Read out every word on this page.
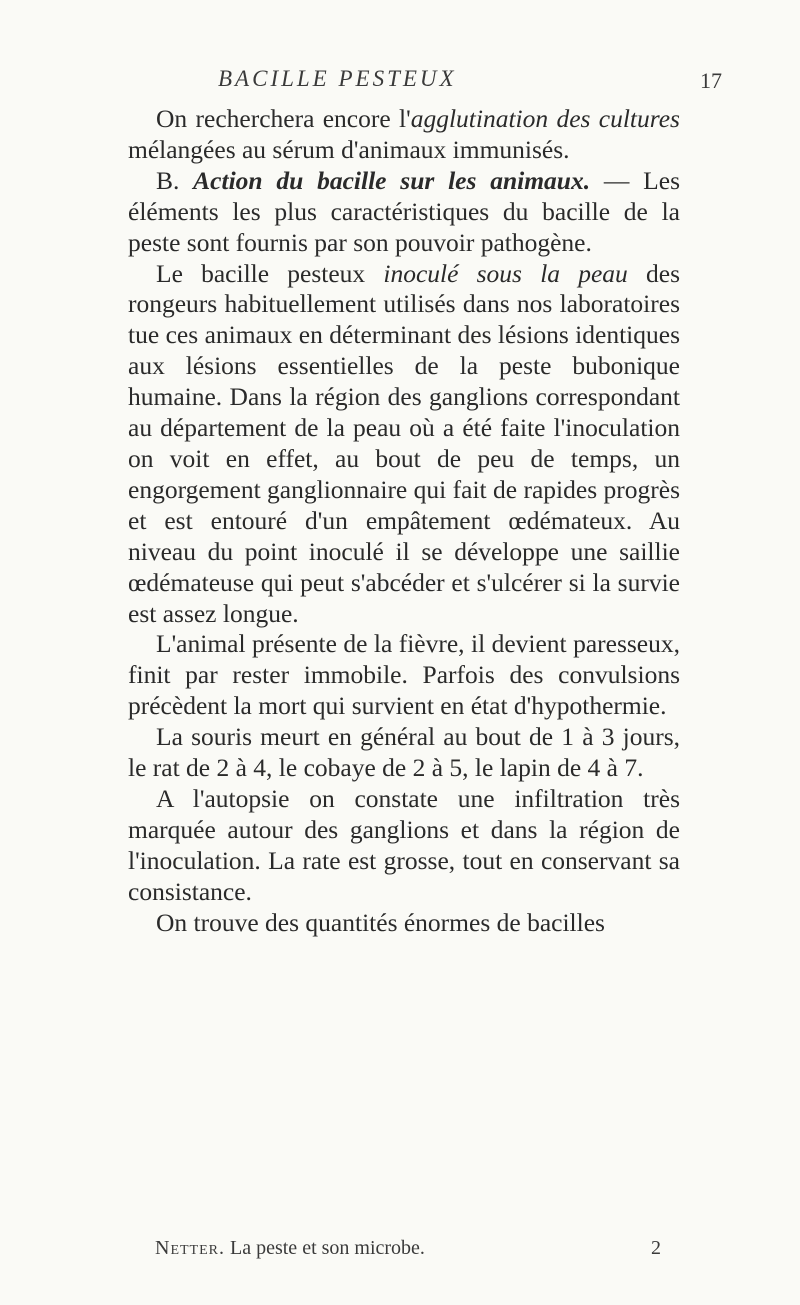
BACILLE PESTEUX	17

On recherchera encore l'agglutination des cultures mélangées au sérum d'animaux immunisés.

B. Action du bacille sur les animaux. — Les éléments les plus caractéristiques du bacille de la peste sont fournis par son pouvoir pathogène.

Le bacille pesteux inoculé sous la peau des rongeurs habituellement utilisés dans nos laboratoires tue ces animaux en déterminant des lésions identiques aux lésions essentielles de la peste bubonique humaine. Dans la région des ganglions correspondant au département de la peau où a été faite l'inoculation on voit en effet, au bout de peu de temps, un engorgement ganglionnaire qui fait de rapides progrès et est entouré d'un empâtement œdémateux. Au niveau du point inoculé il se développe une saillie œdémateuse qui peut s'abcéder et s'ulcérer si la survie est assez longue.

L'animal présente de la fièvre, il devient paresseux, finit par rester immobile. Parfois des convulsions précèdent la mort qui survient en état d'hypothermie.

La souris meurt en général au bout de 1 à 3 jours, le rat de 2 à 4, le cobaye de 2 à 5, le lapin de 4 à 7.

A l'autopsie on constate une infiltration très marquée autour des ganglions et dans la région de l'inoculation. La rate est grosse, tout en conservant sa consistance.

On trouve des quantités énormes de bacilles

Netter. La peste et son microbe.	2
